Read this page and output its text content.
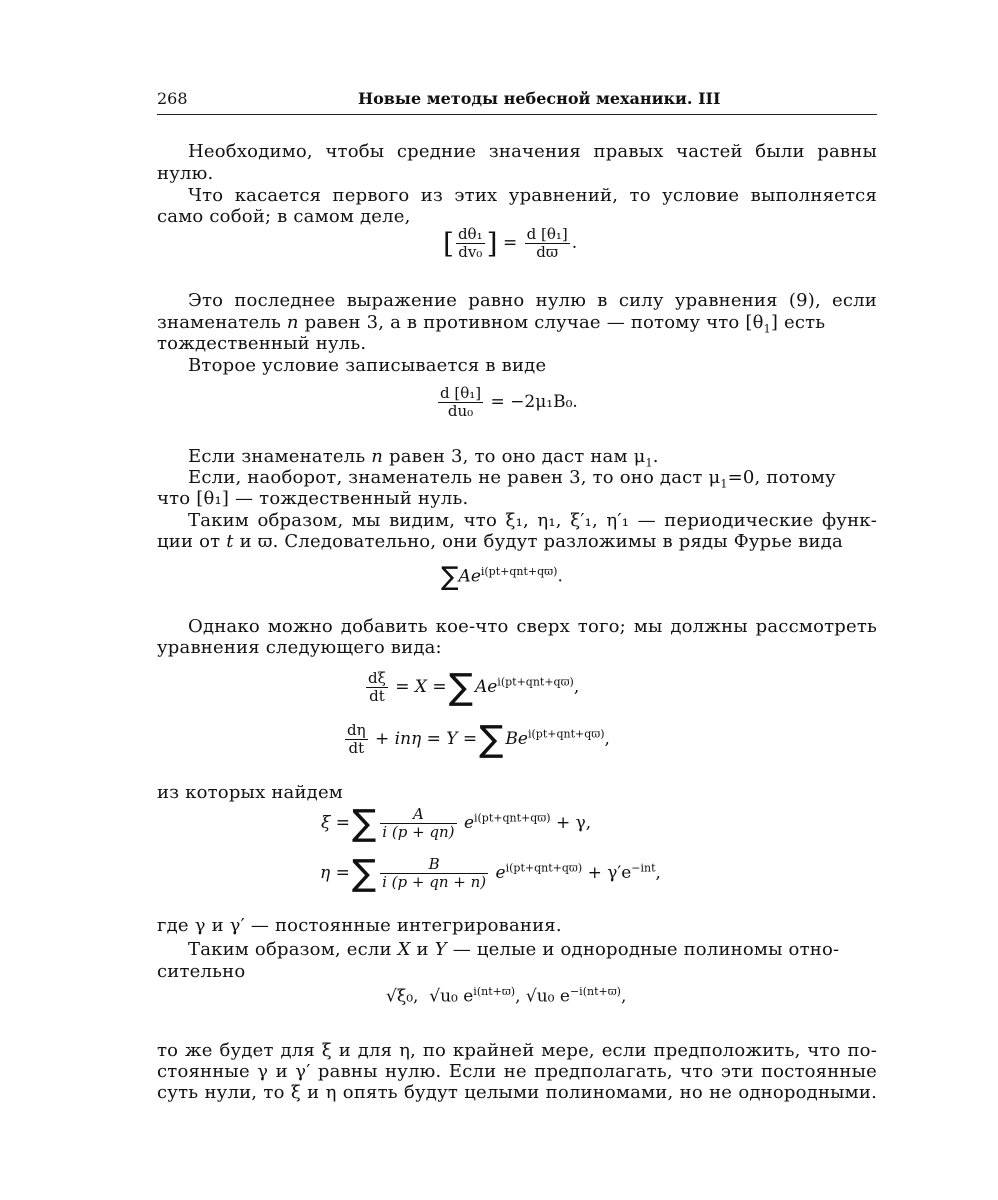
268	Новые методы небесной механики. III
Необходимо, чтобы средние значения правых частей были равны
нулю.
Что касается первого из этих уравнений, то условие выполняется
само собой; в самом деле,
[ $\frac{\text{dθ₁}}{\text{dv₀}}$ ] = $\frac{\text{d [θ₁]}}{dϖ}$ .
Это последнее выражение равно нулю в силу уравнения (9), если
знаменатель n равен 3, а в противном случае — потому что $[\theta_1]$ есть
тождественный нуль.
Второе условие записывается в виде
$\frac{\text{d [θ₁]}}{\text{du₀}} = -2\mu_1B_0$.
Если знаменатель n равен 3, то оно даст нам $\mu_1$.
Если, наоборот, знаменатель не равен 3, то оно даст $\mu_1=0$, потому
что [θ₁] — тождественный нуль.
Таким образом, мы видим, что ξ₁, η₁, ξ′₁, η′₁ — периодические функ-
ции от t и ϖ. Следовательно, они будут разложимы в ряды Фурье вида
$\sum Ae^{i(pt+qnt+qϖ)}$.
Однако можно добавить кое-что сверх того; мы должны рассмотреть
уравнения следующего вида:
$\frac{d\xi}{dt} = X$ =∑ $Ae^{i(pt+qnt+qϖ)}$,
$\frac{d\eta}{dt} + in\eta = Y$ =∑ $Be^{i(pt+qnt+qϖ)}$,
из которых найдем
ξ =∑ $\frac{A}{i (p + qn)} e^{i(pt+qnt+qϖ)} + \gamma$,
η =∑ $\frac{B}{i (p + qn + n)} e^{i(pt+qnt+qϖ)} + \gamma'e^{-int}$,
где γ и γ′ — постоянные интегрирования.
Таким образом, если X и Y — целые и однородные полиномы отно-
сительно
√ξ₀, √u₀ $e^{i(nt+ϖ)}$, √u₀ $e^{-i(nt+ϖ)}$,
то же будет для ξ и для η, по крайней мере, если предположить, что по-
стоянные γ и γ′ равны нулю. Если не предполагать, что эти постоянные
суть нули, то ξ и η опять будут целыми полиномами, но не однородными.
